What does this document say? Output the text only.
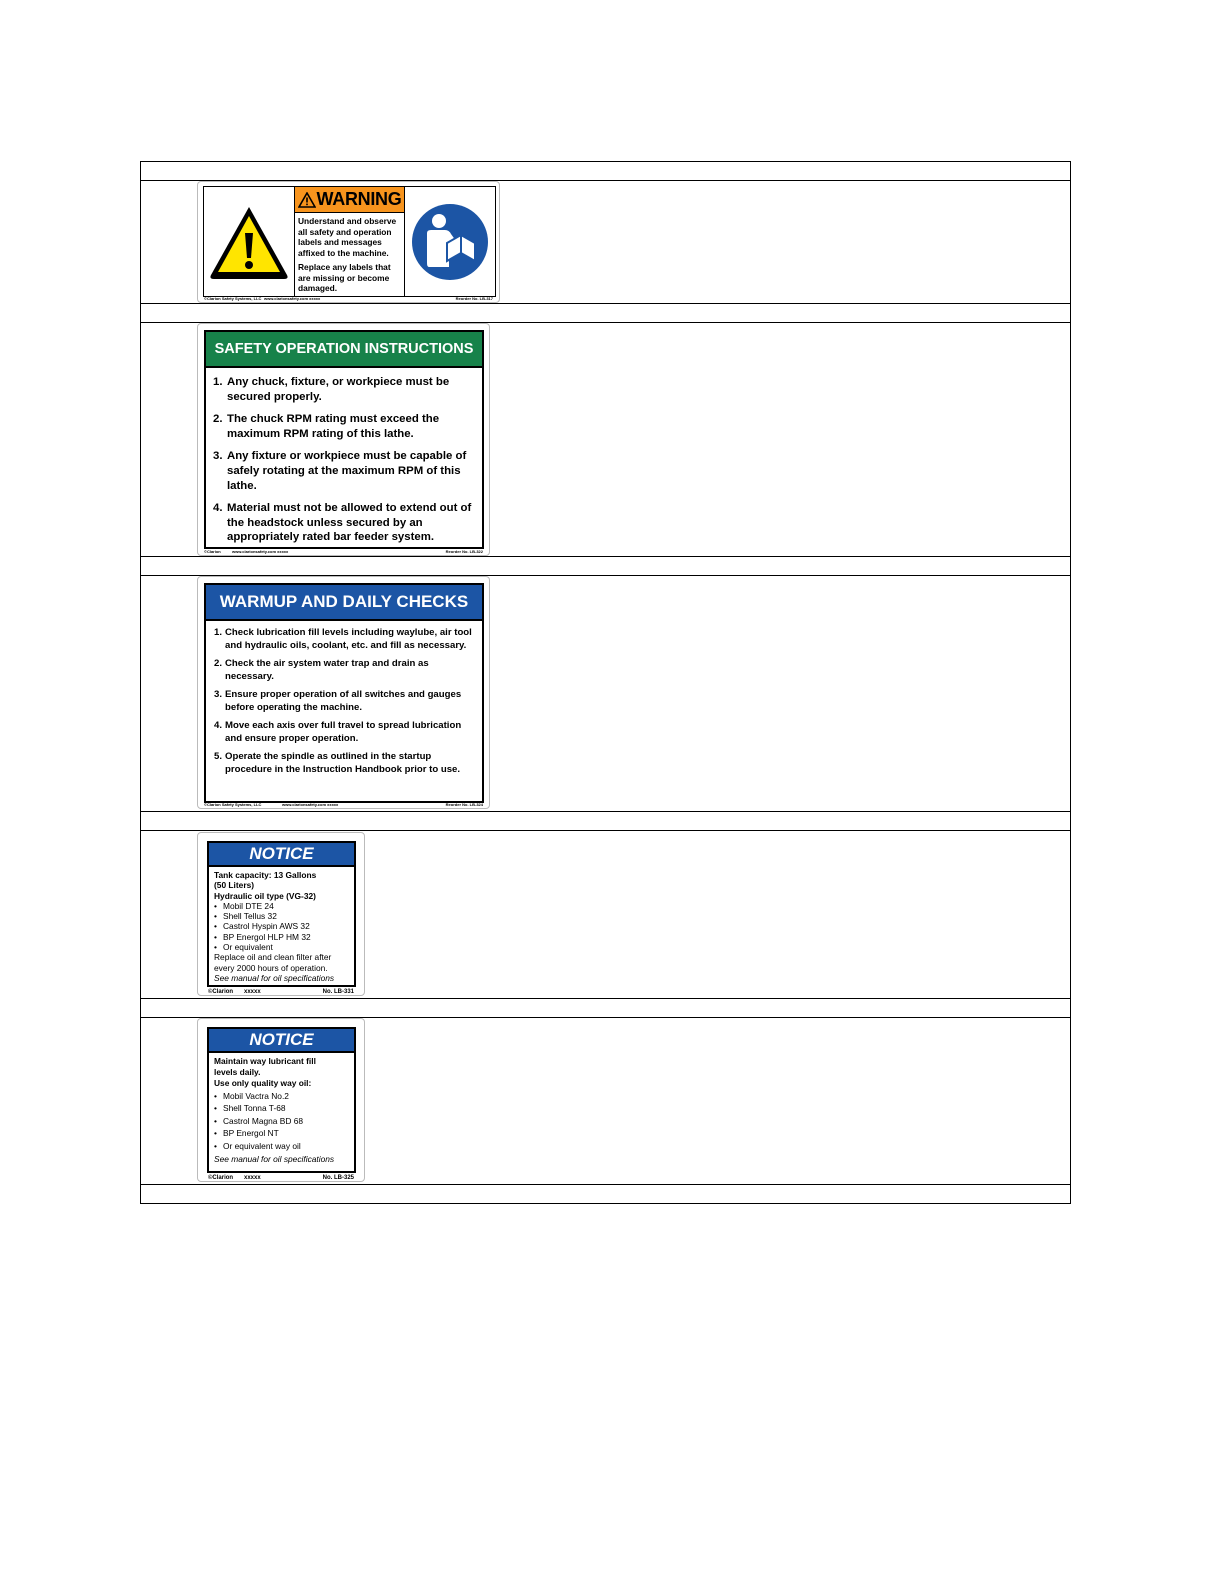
WARNING

Understand and observe all safety and operation labels and messages affixed to the machine.

Replace any labels that are missing or become damaged.

©Clarion Safety Systems, LLC www.clarionsafety.com xxxxx	Reorder No. LB-317
SAFETY OPERATION INSTRUCTIONS
1. Any chuck, fixture, or workpiece must be secured properly.
2. The chuck RPM rating must exceed the maximum RPM rating of this lathe.
3. Any fixture or workpiece must be capable of safely rotating at the maximum RPM of this lathe.
4. Material must not be allowed to extend out of the headstock unless secured by an appropriately rated bar feeder system.
©Clarion	www.clarionsafety.com xxxxx	Reorder No. LB-322
WARMUP AND DAILY CHECKS
1. Check lubrication fill levels including waylube, air tool and hydraulic oils, coolant, etc. and fill as necessary.
2. Check the air system water trap and drain as necessary.
3. Ensure proper operation of all switches and gauges before operating the machine.
4. Move each axis over full travel to spread lubrication and ensure proper operation.
5. Operate the spindle as outlined in the startup procedure in the Instruction Handbook prior to use.
©Clarion Safety Systems, LLC	www.clarionsafety.com xxxxx	Reorder No. LB-324
NOTICE
Tank capacity: 13 Gallons
(50 Liters)
Hydraulic oil type (VG-32)
• Mobil DTE 24
• Shell Tellus 32
• Castrol Hyspin AWS 32
• BP Energol HLP HM 32
• Or equivalent
Replace oil and clean filter after
every 2000 hours of operation.
See manual for oil specifications
©Clarion xxxxx	No. LB-331
NOTICE
Maintain way lubricant fill
levels daily.
Use only quality way oil:
• Mobil Vactra No.2
• Shell Tonna T-68
• Castrol Magna BD 68
• BP Energol NT
• Or equivalent way oil
See manual for oil specifications
©Clarion xxxxx	No. LB-325
